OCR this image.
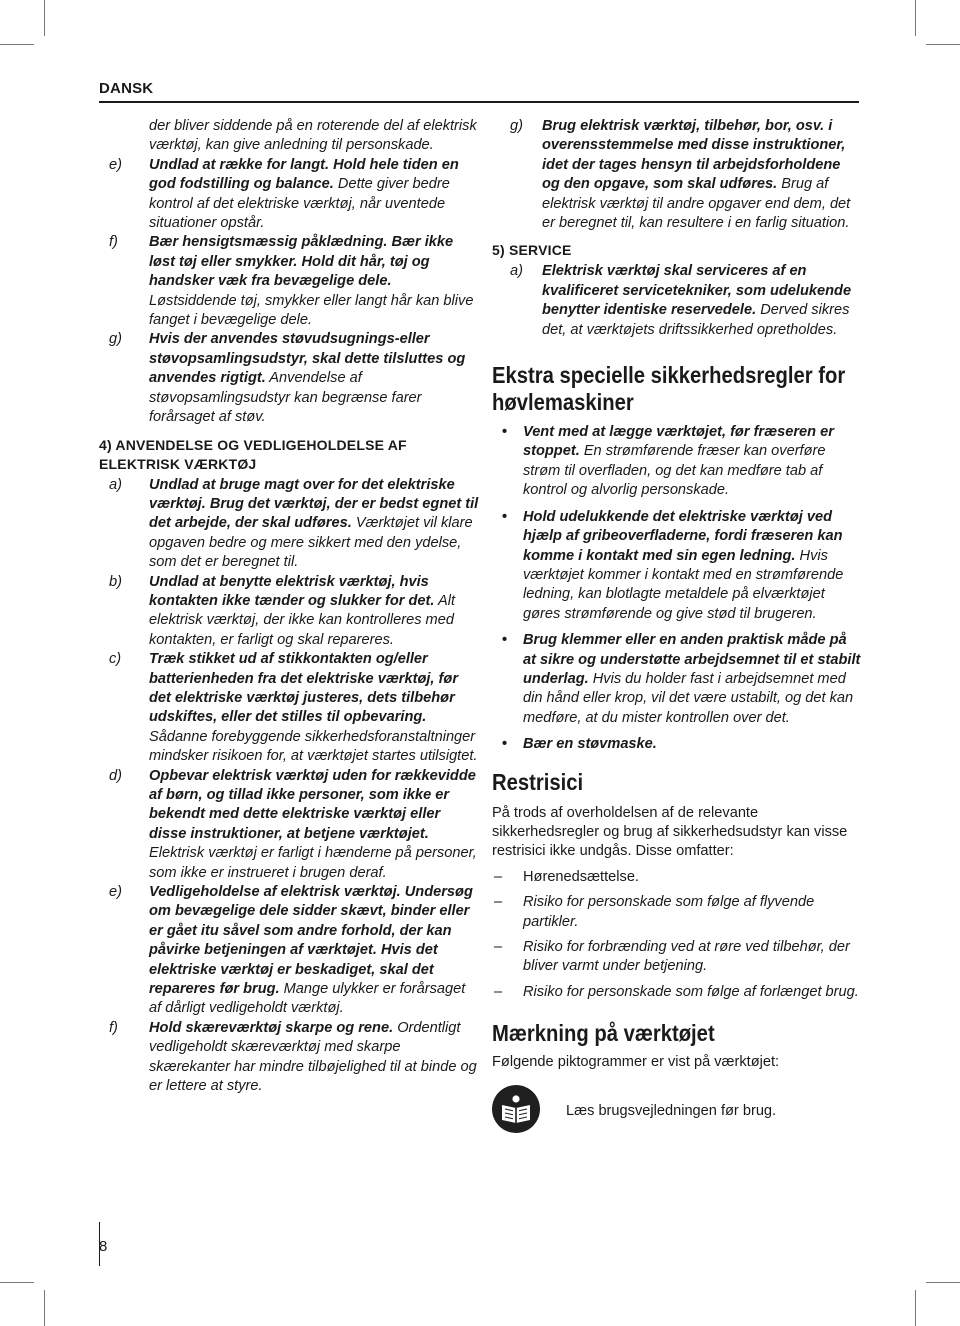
DANSK
der bliver siddende på en roterende del af elektrisk værktøj, kan give anledning til personskade.
e) Undlad at række for langt. Hold hele tiden en god fodstilling og balance. Dette giver bedre kontrol af det elektriske værktøj, når uventede situationer opstår.
f) Bær hensigtsmæssig påklædning. Bær ikke løst tøj eller smykker. Hold dit hår, tøj og handsker væk fra bevægelige dele. Løstsiddende tøj, smykker eller langt hår kan blive fanget i bevægelige dele.
g) Hvis der anvendes støvudsugnings-eller støvopsamlingsudstyr, skal dette tilsluttes og anvendes rigtigt. Anvendelse af støvopsamlingsudstyr kan begrænse farer forårsaget af støv.
4) ANVENDELSE OG VEDLIGEHOLDELSE AF ELEKTRISK VÆRKTØJ
a) Undlad at bruge magt over for det elektriske værktøj. Brug det værktøj, der er bedst egnet til det arbejde, der skal udføres. Værktøjet vil klare opgaven bedre og mere sikkert med den ydelse, som det er beregnet til.
b) Undlad at benytte elektrisk værktøj, hvis kontakten ikke tænder og slukker for det. Alt elektrisk værktøj, der ikke kan kontrolleres med kontakten, er farligt og skal repareres.
c) Træk stikket ud af stikkontakten og/eller batterienheden fra det elektriske værktøj, før det elektriske værktøj justeres, dets tilbehør udskiftes, eller det stilles til opbevaring. Sådanne forebyggende sikkerhedsforanstaltninger mindsker risikoen for, at værktøjet startes utilsigtet.
d) Opbevar elektrisk værktøj uden for rækkevidde af børn, og tillad ikke personer, som ikke er bekendt med dette elektriske værktøj eller disse instruktioner, at betjene værktøjet. Elektrisk værktøj er farligt i hænderne på personer, som ikke er instrueret i brugen deraf.
e) Vedligeholdelse af elektrisk værktøj. Undersøg om bevægelige dele sidder skævt, binder eller er gået itu såvel som andre forhold, der kan påvirke betjeningen af værktøjet. Hvis det elektriske værktøj er beskadiget, skal det repareres før brug. Mange ulykker er forårsaget af dårligt vedligeholdt værktøj.
f) Hold skæreværktøj skarpe og rene. Ordentligt vedligeholdt skæreværktøj med skarpe skærekanter har mindre tilbøjelighed til at binde og er lettere at styre.
g) Brug elektrisk værktøj, tilbehør, bor, osv. i overensstemmelse med disse instruktioner, idet der tages hensyn til arbejdsforholdene og den opgave, som skal udføres. Brug af elektrisk værktøj til andre opgaver end dem, det er beregnet til, kan resultere i en farlig situation.
5) SERVICE
a) Elektrisk værktøj skal serviceres af en kvalificeret servicetekniker, som udelukende benytter identiske reservedele. Derved sikres det, at værktøjets driftssikkerhed opretholdes.
Ekstra specielle sikkerhedsregler for høvlemaskiner
• Vent med at lægge værktøjet, før fræseren er stoppet. En strømførende fræser kan overføre strøm til overfladen, og det kan medføre tab af kontrol og alvorlig personskade.
• Hold udelukkende det elektriske værktøj ved hjælp af gribeoverfladerne, fordi fræseren kan komme i kontakt med sin egen ledning. Hvis værktøjet kommer i kontakt med en strømførende ledning, kan blotlagte metaldele på elværktøjet gøres strømførende og give stød til brugeren.
• Brug klemmer eller en anden praktisk måde på at sikre og understøtte arbejdsemnet til et stabilt underlag. Hvis du holder fast i arbejdsemnet med din hånd eller krop, vil det være ustabilt, og det kan medføre, at du mister kontrollen over det.
• Bær en støvmaske.
Restrisici
På trods af overholdelsen af de relevante sikkerhedsregler og brug af sikkerhedsudstyr kan visse restrisici ikke undgås. Disse omfatter:
– Hørenedsættelse.
– Risiko for personskade som følge af flyvende partikler.
– Risiko for forbrænding ved at røre ved tilbehør, der bliver varmt under betjening.
– Risiko for personskade som følge af forlænget brug.
Mærkning på værktøjet
Følgende piktogrammer er vist på værktøjet:
Læs brugsvejledningen før brug.
8
